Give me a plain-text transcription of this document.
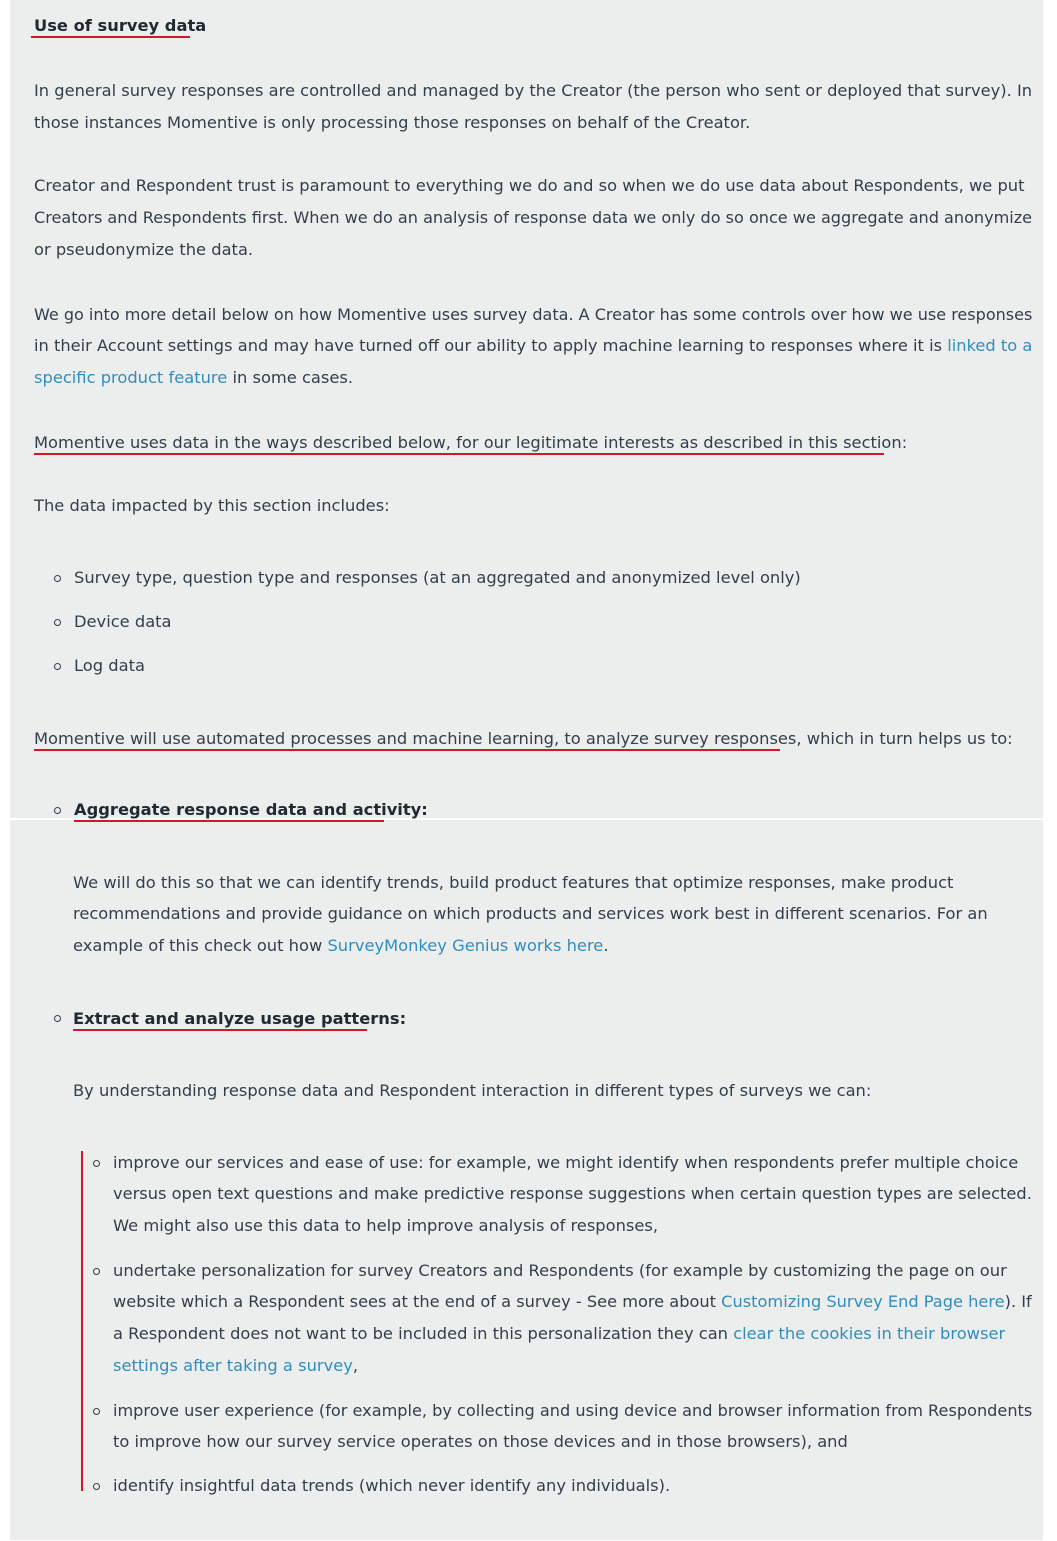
Use of survey data

In general survey responses are controlled and managed by the Creator (the person who sent or deployed that survey). In

those instances Momentive is only processing those responses on behalf of the Creator.

Creator and Respondent trust is paramount to everything we do and so when we do use data about Respondents, we put

Creators and Respondents first. When we do an analysis of response data we only do so once we aggregate and anonymize

or pseudonymize the data.

We go into more detail below on how Momentive uses survey data. A Creator has some controls over how we use responses

in their Account settings and may have turned off our ability to apply machine learning to responses where it is linked to a

specific product feature in some cases.

Momentive uses data in the ways described below, for our legitimate interests as described in this section:

The data impacted by this section includes:

Survey type, question type and responses (at an aggregated and anonymized level only)

Device data

Log data

Momentive will use automated processes and machine learning, to analyze survey responses, which in turn helps us to:

Aggregate response data and activity:

We will do this so that we can identify trends, build product features that optimize responses, make product

recommendations and provide guidance on which products and services work best in different scenarios. For an

example of this check out how SurveyMonkey Genius works here.

Extract and analyze usage patterns:

By understanding response data and Respondent interaction in different types of surveys we can:

improve our services and ease of use: for example, we might identify when respondents prefer multiple choice

versus open text questions and make predictive response suggestions when certain question types are selected.

We might also use this data to help improve analysis of responses,

undertake personalization for survey Creators and Respondents (for example by customizing the page on our

website which a Respondent sees at the end of a survey - See more about Customizing Survey End Page here). If

a Respondent does not want to be included in this personalization they can clear the cookies in their browser

settings after taking a survey,

improve user experience (for example, by collecting and using device and browser information from Respondents

to improve how our survey service operates on those devices and in those browsers), and

identify insightful data trends (which never identify any individuals).
